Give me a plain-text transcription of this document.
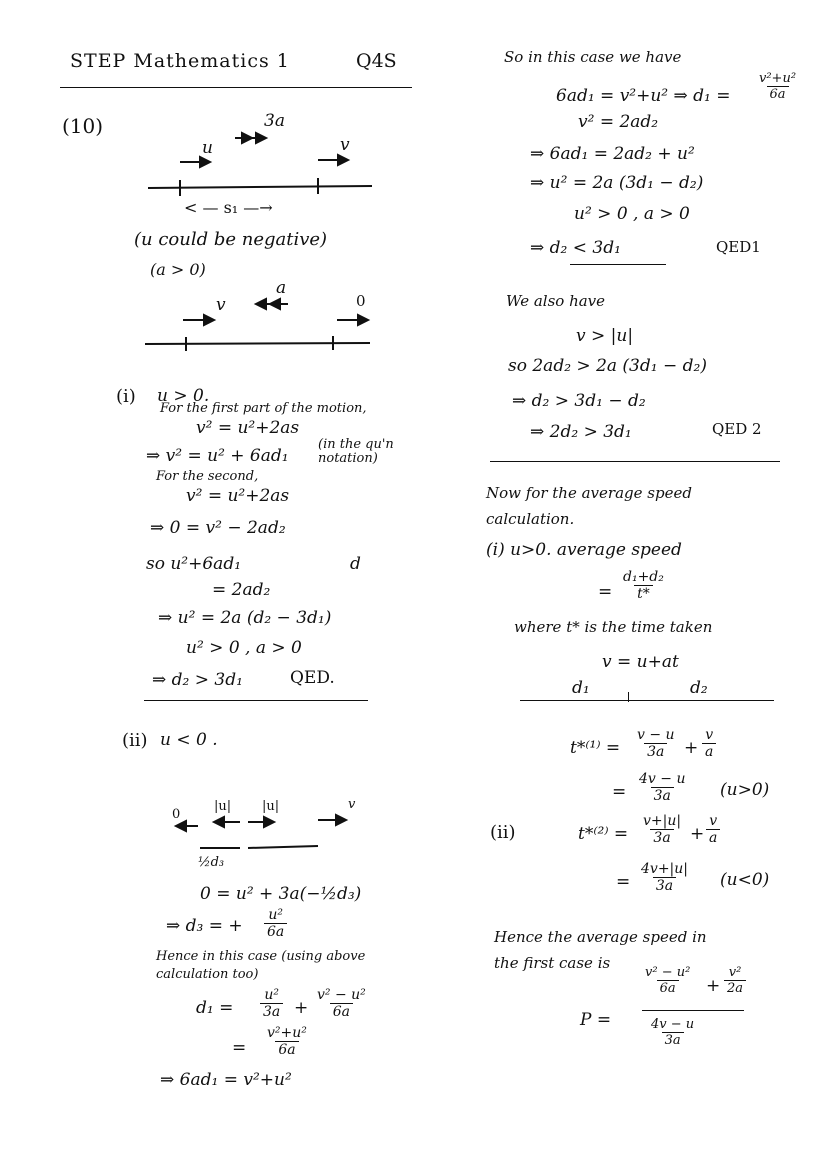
STEP Mathematics 1	Q4S
(10)
u
3a
v
< — s₁ —→
(u could be negative)
(a > 0)
v
a
0
(i) u > 0.
For the first part of the motion,
v² = u²+2as
⇒ v² = u² + 6ad₁
(in the qu'n notation)
For the second,
v² = u²+2as
⇒ 0 = v² − 2ad₂
so u²+6ad₁	d
= 2ad₂
⇒ u² = 2a (d₂ − 3d₁)
u² > 0 , a > 0
⇒ d₂ > 3d₁	QED.
(ii) u < 0 .
0
|u| |u|	v
½d₃
0 = u² + 3a(−½d₃)
⇒ d₃ = + $\frac{\text{u²}}{6a}$
Hence in this case (using above calculation too)
$d_1 = \frac{\text{u²}}{3a} + \frac{\text{v² − u²}}{6a}$
= $\frac{\text{v²+u²}}{6a}$
⇒ 6ad₁ = v²+u²
So in this case we have
6ad₁ = v²+u² ⇒ $d_1 = \frac{\text{v²+u²}}{6a}$
v² = 2ad₂
⇒ 6ad₁ = 2ad₂ + u²
⇒ u² = 2a (3d₁ − d₂)
u² > 0 , a > 0
⇒ d₂ < 3d₁	QED1
We also have
v > |u|
so 2ad₂ > 2a (3d₁ − d₂)
⇒ d₂ > 3d₁ − d₂
⇒ 2d₂ > 3d₁	QED 2
Now for the average speed
calculation.
(i) u>0. average speed
= $\frac{\text{d₁+d₂}}{t*}$
where t* is the time taken
v = u+at
d₁	d₂
$t*^{(1)} = \frac{v - u}{3a} + \frac{v}{a}$
= $\frac{4v - u}{3a} (u>0)$
(ii)	$t*^{(2)} = \frac{v+|u|}{3a} + \frac{v}{a}$
= $\frac{4v+|u|}{3a} (u<0)$
Hence the average speed in
the first case is
P =
$\frac{\text{v² − u²}}{6a} + \frac{\text{v²}}{2a}$
$\frac{4v - u}{3a}$
